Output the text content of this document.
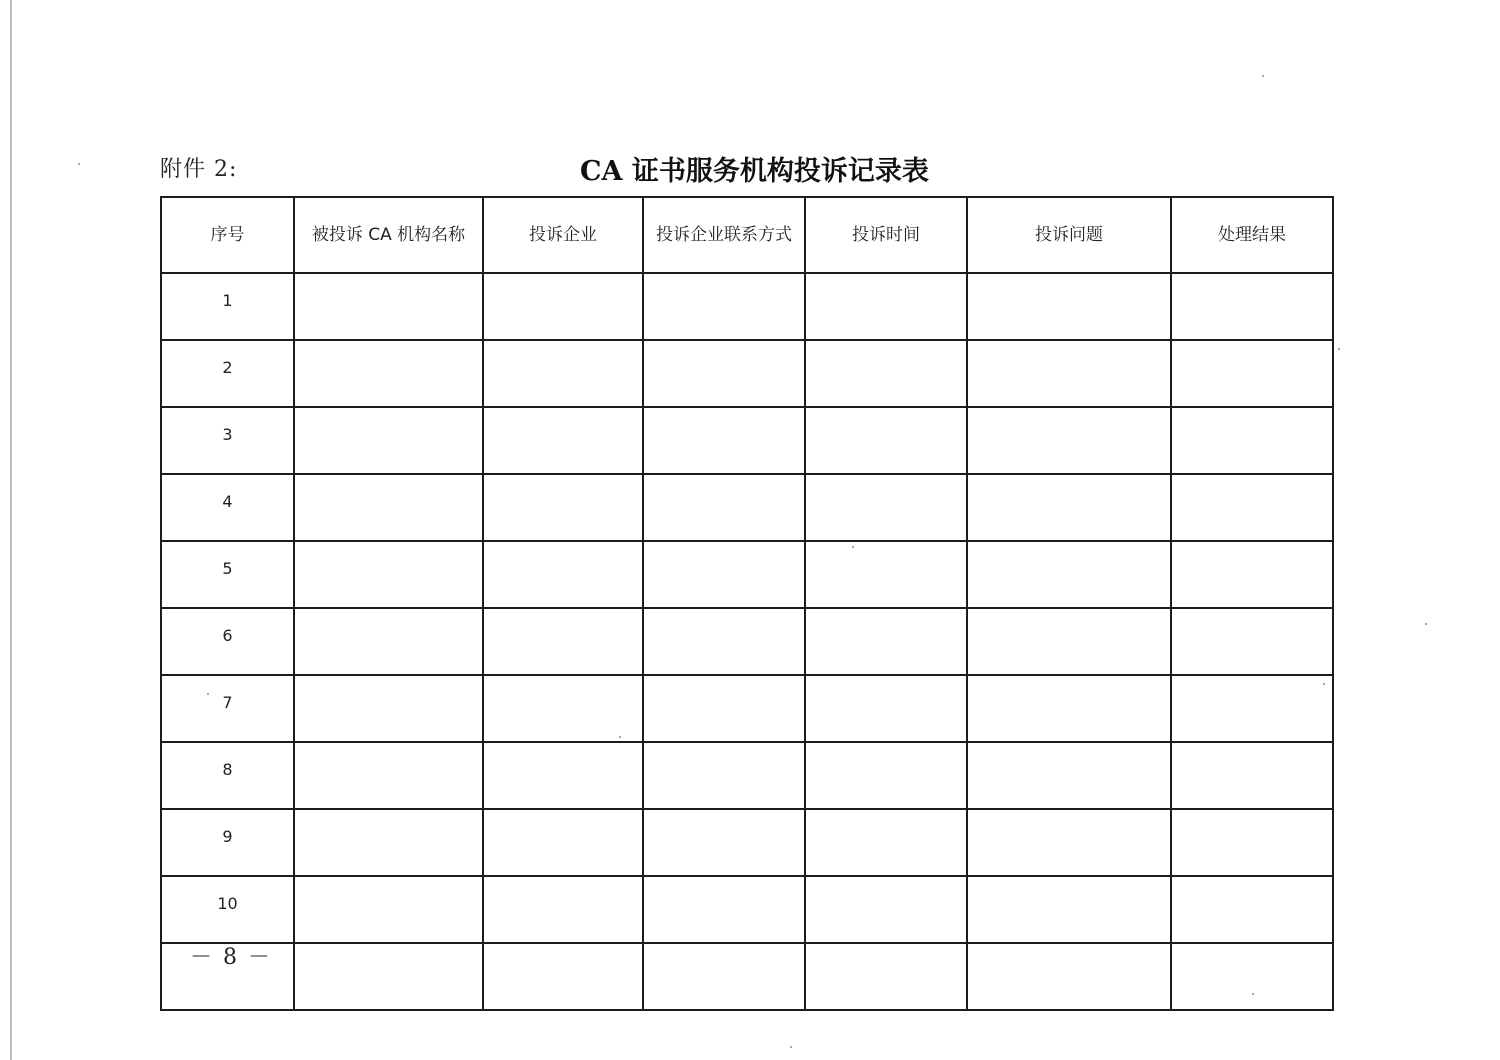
附件 2:	CA 证书服务机构投诉记录表
序号	被投诉 CA 机构名称	投诉企业	投诉企业联系方式	投诉时间	投诉问题	处理结果
1						
2						
3						
4						
5						
6						
7						
8						
9						
10						

－ 8 －
